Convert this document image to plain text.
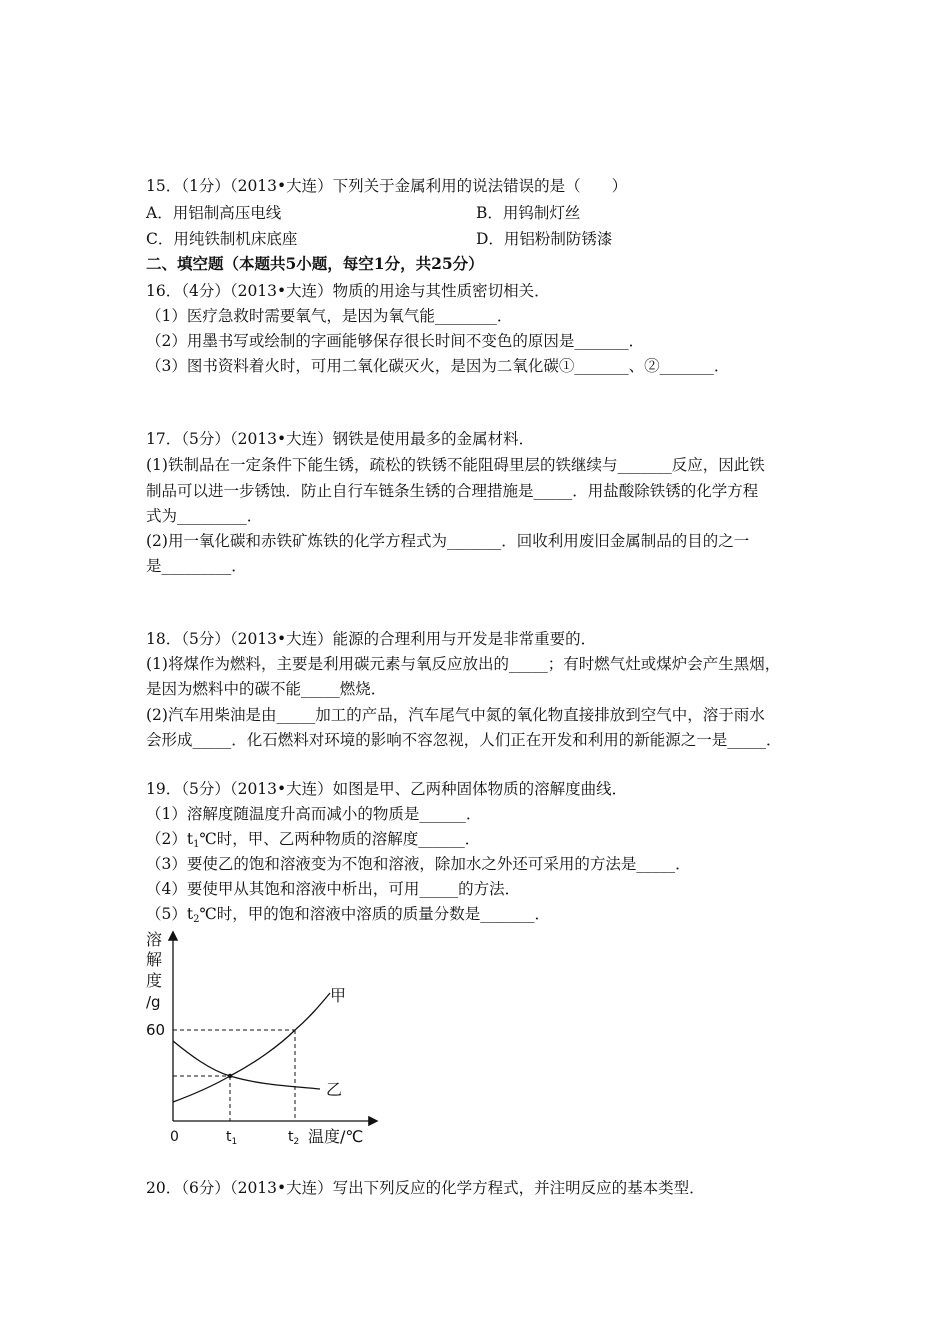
15．（1分）（2013•大连）下列关于金属利用的说法错误的是（　　）
A．用铝制高压电线	B．用钨制灯丝
C．用纯铁制机床底座	D．用铝粉制防锈漆
二、填空题（本题共5小题，每空1分，共25分）
16．（4分）（2013•大连）物质的用途与其性质密切相关．
（1）医疗急救时需要氧气，是因为氧气能________．
（2）用墨书写或绘制的字画能够保存很长时间不变色的原因是_______．
（3）图书资料着火时，可用二氧化碳灭火，是因为二氧化碳①_______、②_______．
17．（5分）（2013•大连）钢铁是使用最多的金属材料．
(1)铁制品在一定条件下能生锈，疏松的铁锈不能阻碍里层的铁继续与_______反应，因此铁
制品可以进一步锈蚀．防止自行车链条生锈的合理措施是_____．用盐酸除铁锈的化学方程
式为_________．
(2)用一氧化碳和赤铁矿炼铁的化学方程式为_______．回收利用废旧金属制品的目的之一
是_________．
18．（5分）（2013•大连）能源的合理利用与开发是非常重要的．
(1)将煤作为燃料，主要是利用碳元素与氧反应放出的_____；有时燃气灶或煤炉会产生黑烟，
是因为燃料中的碳不能_____燃烧．
(2)汽车用柴油是由_____加工的产品，汽车尾气中氮的氧化物直接排放到空气中，溶于雨水
会形成_____．化石燃料对环境的影响不容忽视，人们正在开发和利用的新能源之一是_____．
19．（5分）（2013•大连）如图是甲、乙两种固体物质的溶解度曲线．
（1）溶解度随温度升高而减小的物质是______．
$(2)t_1℃$时，甲、乙两种物质的溶解度______．
（3）要使乙的饱和溶液变为不饱和溶液，除加水之外还可采用的方法是_____．
（4）要使甲从其饱和溶液中析出，可用_____的方法．
$(5)t_2℃$时，甲的饱和溶液中溶质的质量分数是_______．
溶
解
度
/g
60
甲
乙
0	$t_1$	$t_2$ 温度/℃
20．（6分）（2013•大连）写出下列反应的化学方程式，并注明反应的基本类型．
